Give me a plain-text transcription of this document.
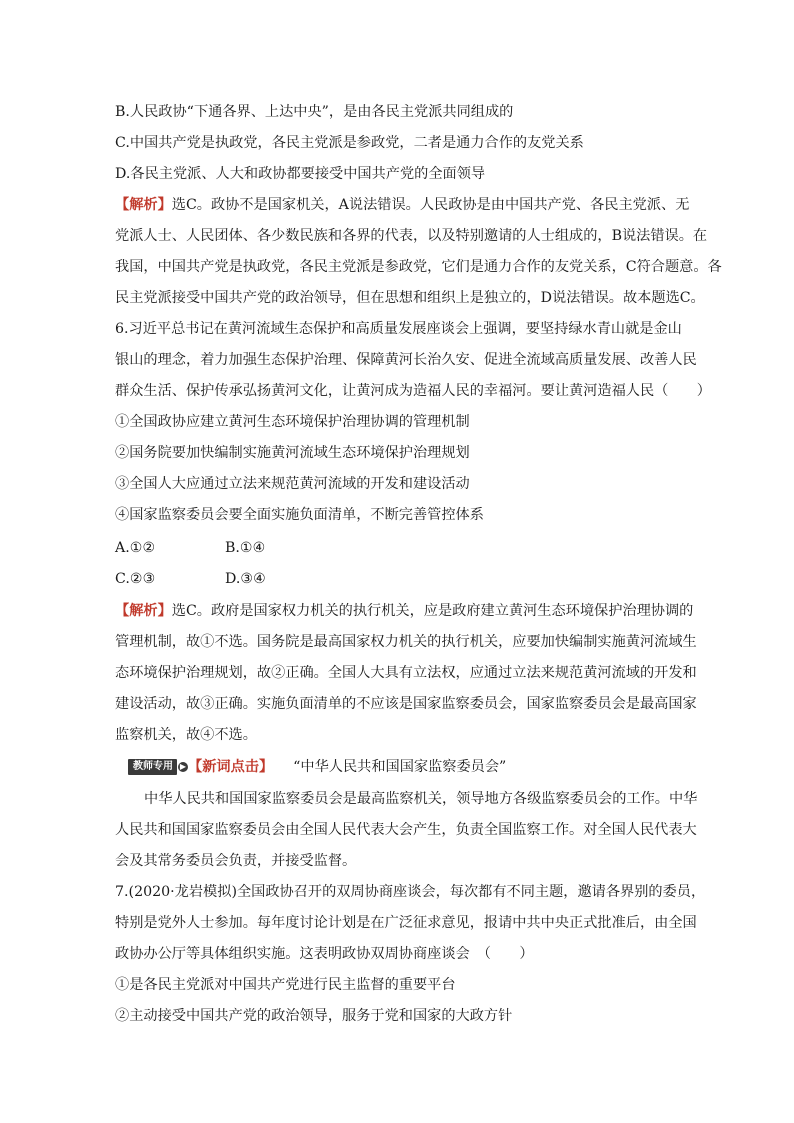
B.人民政协“下通各界、上达中央”，是由各民主党派共同组成的
C.中国共产党是执政党，各民主党派是参政党，二者是通力合作的友党关系
D.各民主党派、人大和政协都要接受中国共产党的全面领导
【解析】选C。政协不是国家机关，A说法错误。人民政协是由中国共产党、各民主党派、无
党派人士、人民团体、各少数民族和各界的代表，以及特别邀请的人士组成的，B说法错误。在
我国，中国共产党是执政党，各民主党派是参政党，它们是通力合作的友党关系，C符合题意。各
民主党派接受中国共产党的政治领导，但在思想和组织上是独立的，D说法错误。故本题选C。
6.习近平总书记在黄河流域生态保护和高质量发展座谈会上强调，要坚持绿水青山就是金山
银山的理念，着力加强生态保护治理、保障黄河长治久安、促进全流域高质量发展、改善人民
群众生活、保护传承弘扬黄河文化，让黄河成为造福人民的幸福河。要让黄河造福人民（　　）
①全国政协应建立黄河生态环境保护治理协调的管理机制
②国务院要加快编制实施黄河流域生态环境保护治理规划
③全国人大应通过立法来规范黄河流域的开发和建设活动
④国家监察委员会要全面实施负面清单，不断完善管控体系
A.①②	B.①④
C.②③	D.③④
【解析】选C。政府是国家权力机关的执行机关，应是政府建立黄河生态环境保护治理协调的
管理机制，故①不选。国务院是最高国家权力机关的执行机关，应要加快编制实施黄河流域生
态环境保护治理规划，故②正确。全国人大具有立法权，应通过立法来规范黄河流域的开发和
建设活动，故③正确。实施负面清单的不应该是国家监察委员会，国家监察委员会是最高国家
监察机关，故④不选。
教师专用 ▶ 【新词点击】 “中华人民共和国国家监察委员会”
中华人民共和国国家监察委员会是最高监察机关，领导地方各级监察委员会的工作。中华
人民共和国国家监察委员会由全国人民代表大会产生，负责全国监察工作。对全国人民代表大
会及其常务委员会负责，并接受监督。
7.(2020·龙岩模拟)全国政协召开的双周协商座谈会，每次都有不同主题，邀请各界别的委员，
特别是党外人士参加。每年度讨论计划是在广泛征求意见，报请中共中央正式批准后，由全国
政协办公厅等具体组织实施。这表明政协双周协商座谈会　（　　）
①是各民主党派对中国共产党进行民主监督的重要平台
②主动接受中国共产党的政治领导，服务于党和国家的大政方针
